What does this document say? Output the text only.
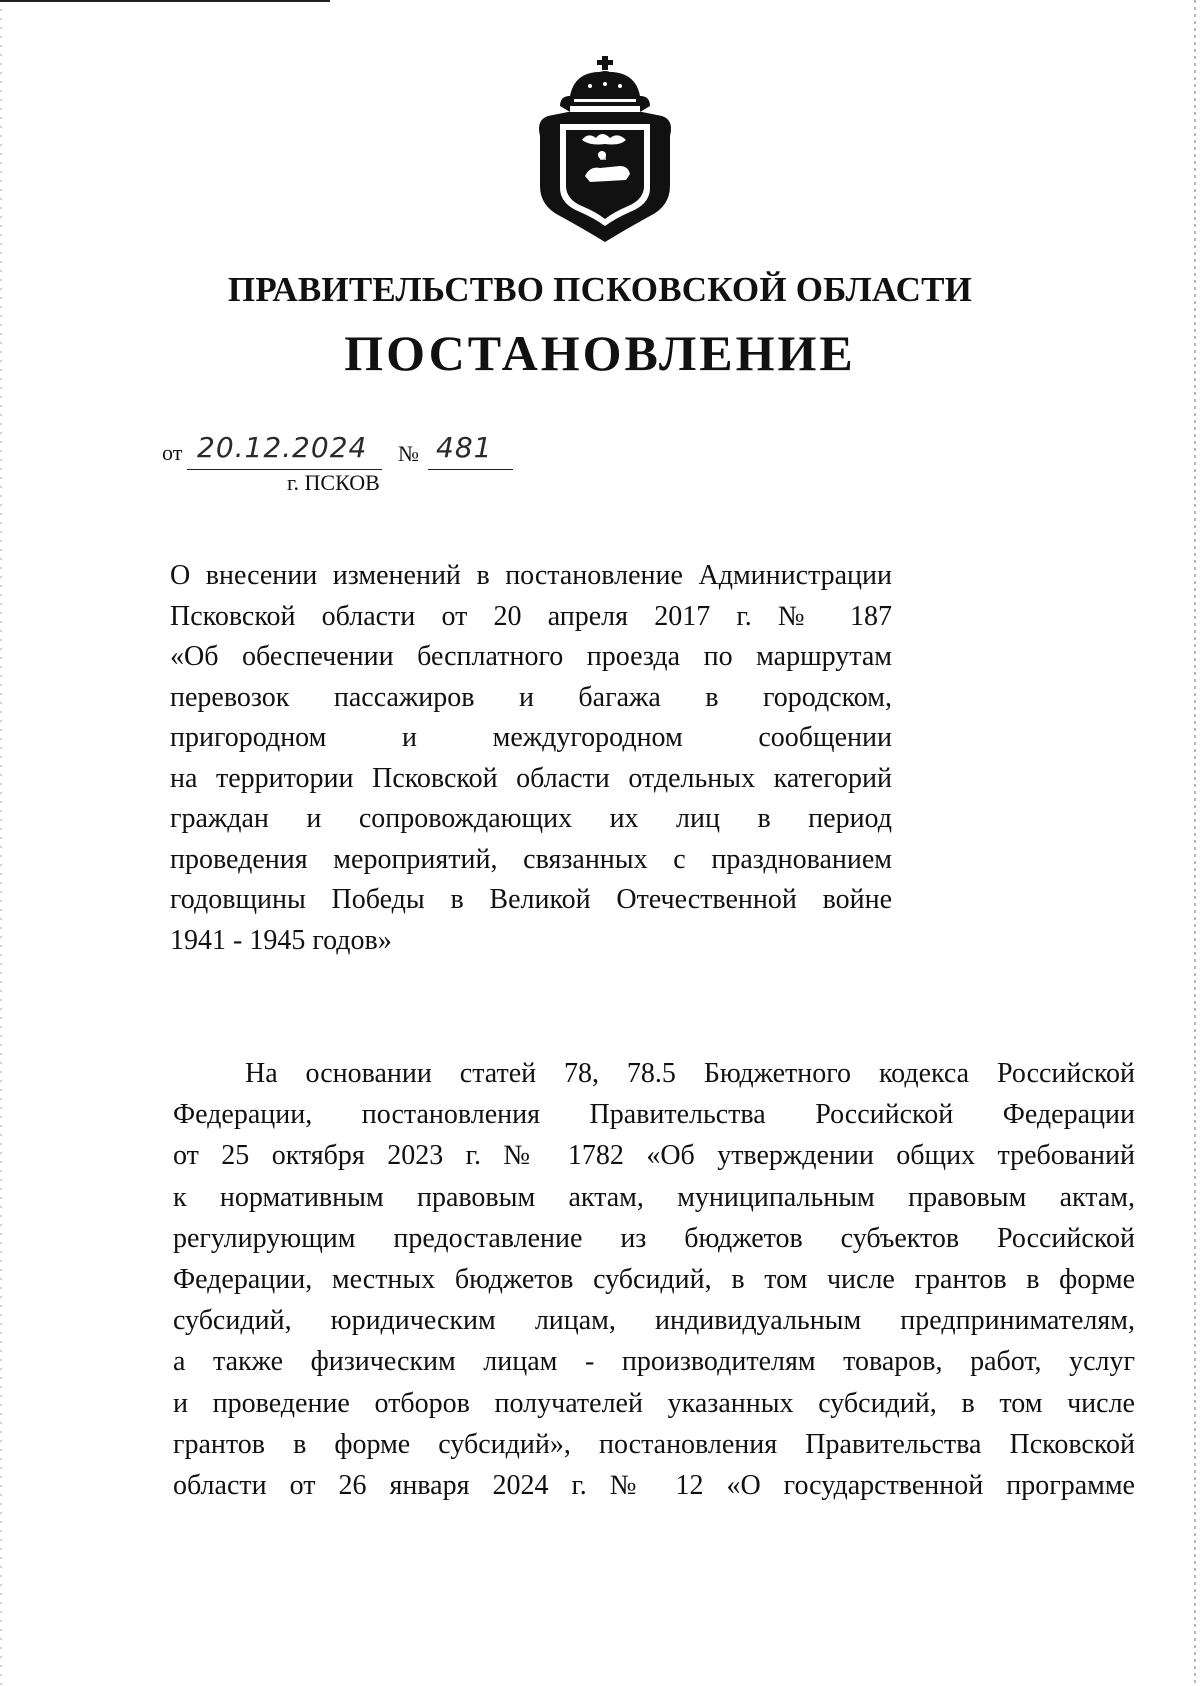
ПРАВИТЕЛЬСТВО ПСКОВСКОЙ ОБЛАСТИ
ПОСТАНОВЛЕНИЕ
от 20.12.2024 № 481
г. ПСКОВ
О внесении изменений в постановление Администрации
Псковской области от 20 апреля 2017 г. № 187
«Об обеспечении бесплатного проезда по маршрутам
перевозок пассажиров и багажа в городском,
пригородном и междугородном сообщении
на территории Псковской области отдельных категорий
граждан и сопровождающих их лиц в период
проведения мероприятий, связанных с празднованием
годовщины Победы в Великой Отечественной войне
1941 - 1945 годов»
На основании статей 78, 78.5 Бюджетного кодекса Российской
Федерации, постановления Правительства Российской Федерации
от 25 октября 2023 г. № 1782 «Об утверждении общих требований
к нормативным правовым актам, муниципальным правовым актам,
регулирующим предоставление из бюджетов субъектов Российской
Федерации, местных бюджетов субсидий, в том числе грантов в форме
субсидий, юридическим лицам, индивидуальным предпринимателям,
а также физическим лицам - производителям товаров, работ, услуг
и проведение отборов получателей указанных субсидий, в том числе
грантов в форме субсидий», постановления Правительства Псковской
области от 26 января 2024 г. № 12 «О государственной программе
